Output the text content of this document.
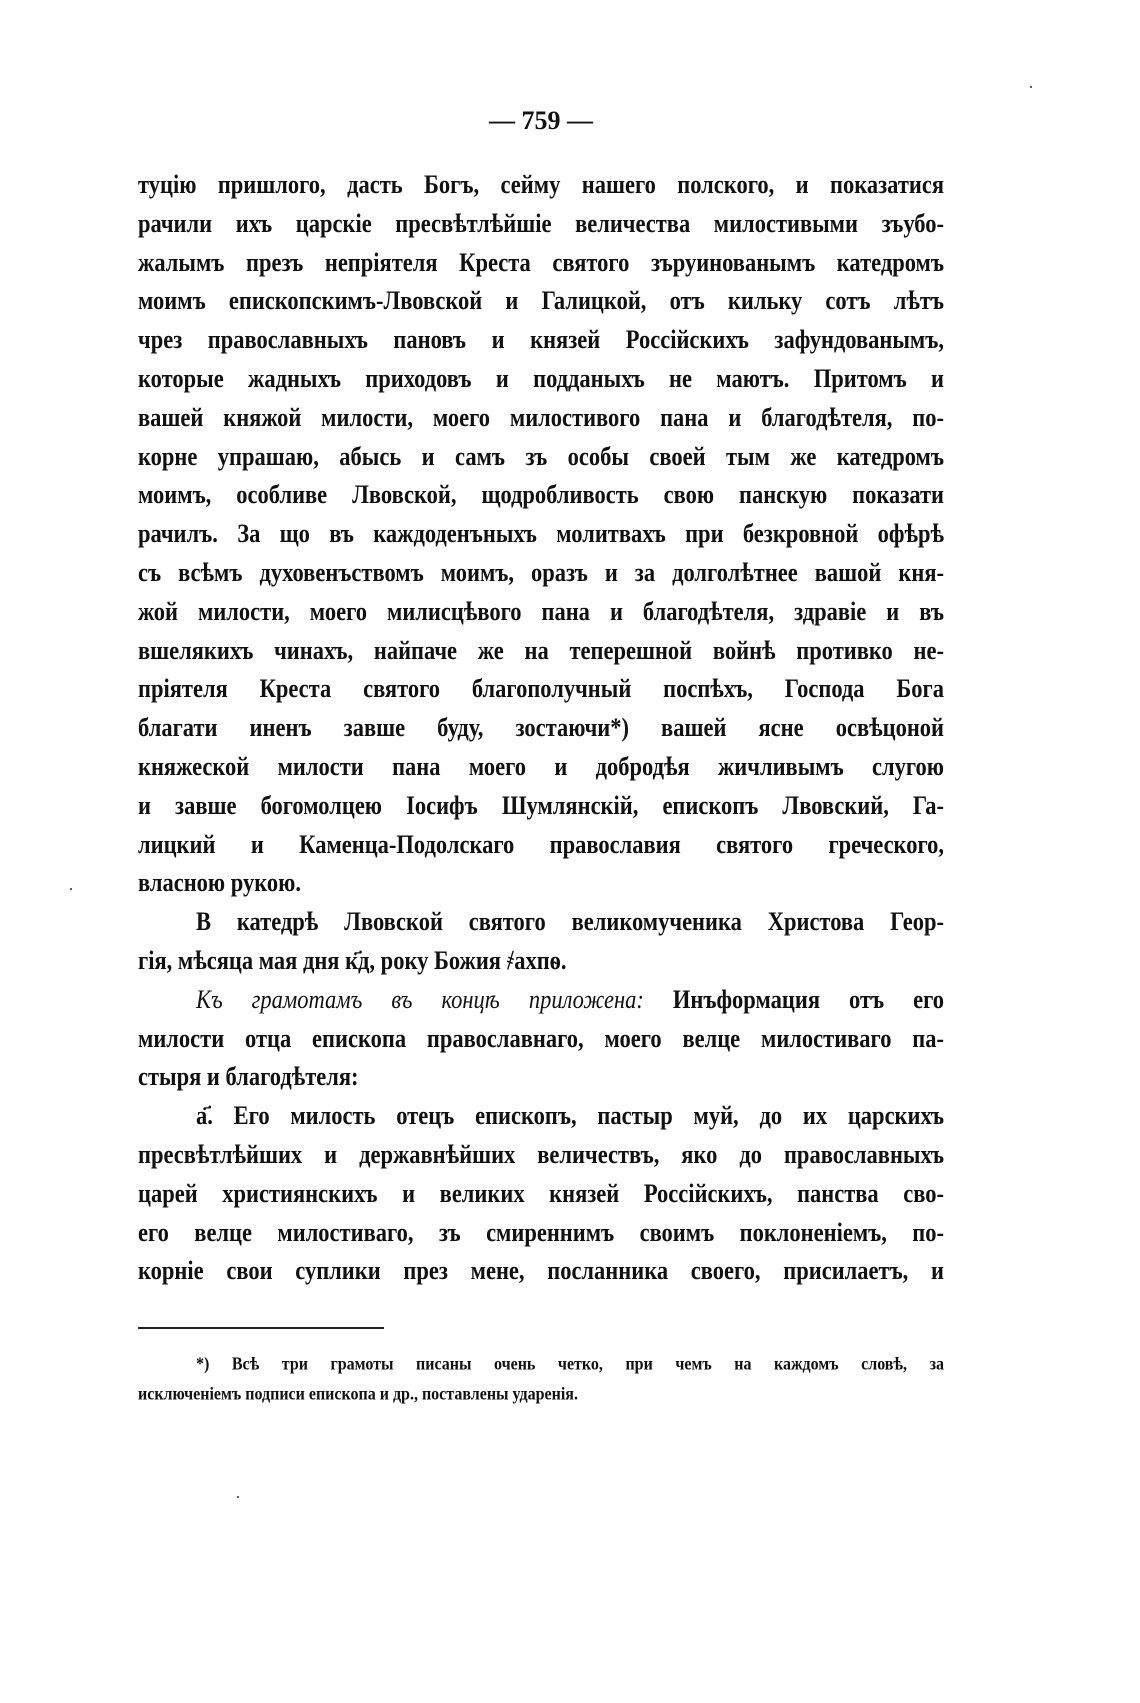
— 759 —
туцію пришлого, дасть Богъ, сейму нашего полского, и показатися
рачили ихъ царскіе пресвѣтлѣйшіе величества милостивыми зъубо-
жалымъ презъ непріятеля Креста святого зъруинованымъ катедромъ
моимъ епископскимъ-Лвовской и Галицкой, отъ кильку сотъ лѣтъ
чрез православныхъ пановъ и князей Россійскихъ зафундованымъ,
которые жадныхъ приходовъ и подданыхъ не маютъ. Притомъ и
вашей княжой милости, моего милостивого пана и благодѣтеля, по-
корне упрашаю, абысь и самъ зъ особы своей тым же катедромъ
моимъ, особливе Лвовской, щодробливость свою панскую показати
рачилъ. За що въ каждоденъныхъ молитвахъ при безкровной офѣрѣ
съ всѣмъ духовенъствомъ моимъ, оразъ и за долголѣтнее вашой кня-
жой милости, моего милисцѣвого пана и благодѣтеля, здравіе и въ
вшелякихъ чинахъ, найпаче же на теперешной войнѣ противко не-
пріятеля Креста святого благополучный поспѣхъ, Господа Бога
благати иненъ завше буду, зостаючи*) вашей ясне освѣцоной
княжеской милости пана моего и добродѣя жичливымъ слугою
и завше богомолцею Іосифъ Шумлянскій, епископъ Лвовский, Га-
лицкий и Каменца-Подолскаго православия святого греческого,
власною рукою.
В катедрѣ Лвовской святого великомученика Христова Геор-
гія, мѣсяца мая дня к҃д, року Божия ҂ахпѳ.
Къ грамотамъ въ концѣ приложена: Инъформация отъ его
милости отца епископа православнаго, моего велце милостиваго па-
стыря и благодѣтеля:
а҃. Его милость отецъ епископъ, пастыр муй, до их царскихъ
пресвѣтлѣйших и державнѣйших величествъ, яко до православныхъ
царей християнскихъ и великих князей Россійскихъ, панства сво-
его велце милостиваго, зъ смиреннимъ своимъ поклоненіемъ, по-
корніе свои суплики през мене, посланника своего, присилаетъ, и
*) Всѣ три грамоты писаны очень четко, при чемъ на каждомъ словѣ, за
исключеніемъ подписи епископа и др., поставлены ударенія.
